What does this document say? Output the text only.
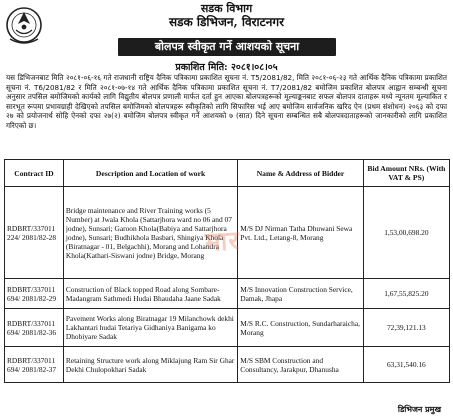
सडक विभाग
सडक डिभिजन, विराटनगर
बोलपत्र स्वीकृत गर्ने आशयको सूचना
प्रकाशित मिति: २०८१।०८।०५
यस डिभिजनबाट मिति २०८१-०६-१६ गते राजधानी राष्ट्रिय दैनिक पत्रिकामा प्रकाशित सूचना नं. T5/2081/82, मिति २०८१-०६-२३ गते आर्थिक दैनिक पत्रिकामा प्रकाशित सूचना नं. T6/2081/82 र मिति २०८१-०७-१४ गते आर्थिक दैनिक पत्रिकामा प्रकाशित सूचना नं. T7/2081/82 बमोजिम प्रकाशित बोलपत्र आह्वान सम्बन्धी सूचना अनुसार तपसिल बमोजिमको कार्यको लागि विद्युतीय बोलपत्र प्रणाली मार्फत दर्ता हुन आएका बोलपत्रहरूको मूल्याङ्कनबाट सफल बोलपत्र दाताहरू मध्ये न्यूनतम मूल्याकित र सारभूत रूपमा प्रभावग्राही देखिएको तपसिल बमोजिमको बोलपत्रहरू स्वीकृतिको लागि सिफारिस भई आए बमोजिम सार्वजनिक खरिद ऐन (प्रथम संशोधन) २०६३ को दफा २७ को प्रयोजनार्थ सोहि ऐनको दफा २७(२) बमोजिम बोलपत्र स्वीकृत गर्ने आशयको ७ (सात) दिने सूचना सम्बन्धित सबै बोलपत्रदाताहरूको जानकारीको लागि प्रकाशित गरिएको छ।
Contract ID	Description and Location of work	Name & Address of Bidder	Bid Amount NRs. (With VAT & PS)
RDBRT/337011 224/ 2081/82-28	Bridge maintenance and River Training works (5 Number) at Jwala Khola (Sattarjhora ward no 06 and 07 jodne), Sunsari; Garoon Khola(Babiya and Sattarjhora jodne), Sunsari; Budhikhola Basbari, Shingiya Khola (Biratnagar - 01, Belgachhi), Morang and Lohandra Khola(Kathari-Siswani jodne) Bridge, Morang	M/S DJ Nirman Tatha Dhuwani Sewa Pvt. Ltd., Letang-8, Morang	1,53,00,698.20
RDBRT/337011 694/ 2081/82-29	Construction of Black topped Road along Sombare-Madangram Sathmedi Hudai Bhaudaha Jaane Sadak	M/S Innovation Construction Service, Damak, Jhapa	1,67,55,825.20
RDBRT/337011 694/ 2081/82-36	Pavement Works along Biratnagar 19 Milanchowk dekhi Lakhantari hudai Tetariya Gidhaniya Banigama ko Dhobiyare Sadak	M/S R.C. Construction, Sundarharaicha, Morang	72,39,121.13
RDBRT/337011 694/ 2081/82-37	Retaining Structure work along Miklajung Ram Sir Ghar Dekhi Chulopokhari Sadak	M/S SBM Construction and Consultancy, Jarakpur, Dhanusha	63,31,540.16
मार
डिभिजन प्रमुख
